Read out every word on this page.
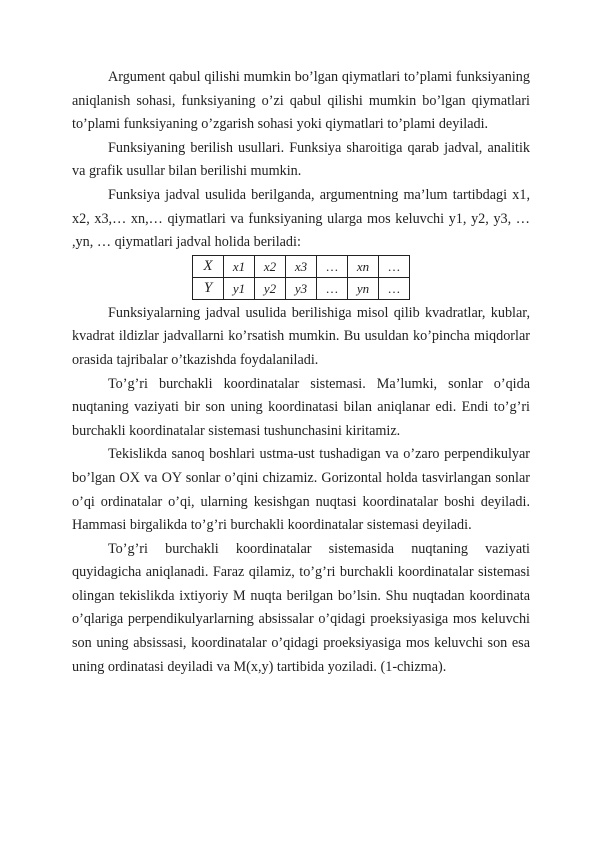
Argument qabul qilishi mumkin bo’lgan qiymatlari to’plami funksiyaning aniqlanish sohasi, funksiyaning o’zi qabul qilishi mumkin bo’lgan qiymatlari to’plami funksiyaning o’zgarish sohasi yoki qiymatlari to’plami deyiladi.

Funksiyaning berilish usullari. Funksiya sharoitiga qarab jadval, analitik va grafik usullar bilan berilishi mumkin.

Funksiya jadval usulida berilganda, argumentning ma’lum tartibdagi x1, x2, x3,… xn,… qiymatlari va funksiyaning ularga mos keluvchi y1, y2, y3, … ,yn, … qiymatlari jadval holida beriladi:

X	x1	x2	x3	…	xn	…
Y	y1	y2	y3	…	yn	…

Funksiyalarning jadval usulida berilishiga misol qilib kvadratlar, kublar, kvadrat ildizlar jadvallarni ko’rsatish mumkin. Bu usuldan ko’pincha miqdorlar orasida tajribalar o’tkazishda foydalaniladi.

To’g’ri burchakli koordinatalar sistemasi. Ma’lumki, sonlar o’qida nuqtaning vaziyati bir son uning koordinatasi bilan aniqlanar edi. Endi to’g’ri burchakli koordinatalar sistemasi tushunchasini kiritamiz.

Tekislikda sanoq boshlari ustma-ust tushadigan va o’zaro perpendikulyar bo’lgan OX va OY sonlar o’qini chizamiz. Gorizontal holda tasvirlangan sonlar o’qi ordinatalar o’qi, ularning kesishgan nuqtasi koordinatalar boshi deyiladi. Hammasi birgalikda to’g’ri burchakli koordinatalar sistemasi deyiladi.

To’g’ri burchakli koordinatalar sistemasida nuqtaning vaziyati quyidagicha aniqlanadi. Faraz qilamiz, to’g’ri burchakli koordinatalar sistemasi olingan tekislikda ixtiyoriy M nuqta berilgan bo’lsin. Shu nuqtadan koordinata o’qlariga perpendikulyarlarning absissalar o’qidagi proeksiyasiga mos keluvchi son uning absissasi, koordinatalar o’qidagi proeksiyasiga mos keluvchi son esa uning ordinatasi deyiladi va M(x,y) tartibida yoziladi. (1-chizma).
